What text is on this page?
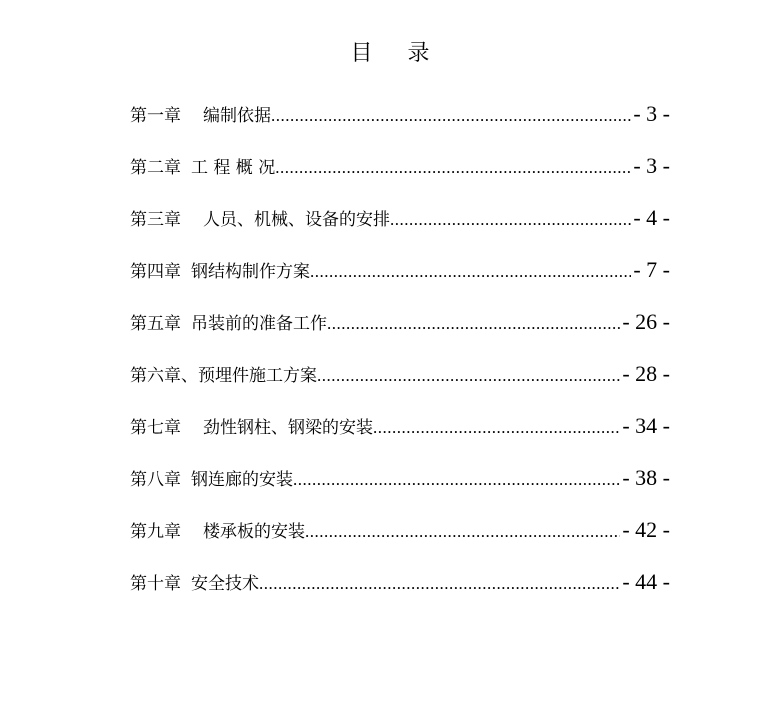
目 录
第一章 编制依据 .....	- 3 -
第二章 工 程 概 况 .....	- 3 -
第三章 人员、机械、设备的安排 .....	- 4 -
第四章 钢结构制作方案 .....	- 7 -
第五章 吊装前的准备工作 .....	- 26 -
第六章、 预埋件施工方案 .....	- 28 -
第七章 劲性钢柱、钢梁的安装 .....	- 34 -
第八章 钢连廊的安装 .....	- 38 -
第九章 楼承板的安装 .....	- 42 -
第十章 安全技术 .....	- 44 -
